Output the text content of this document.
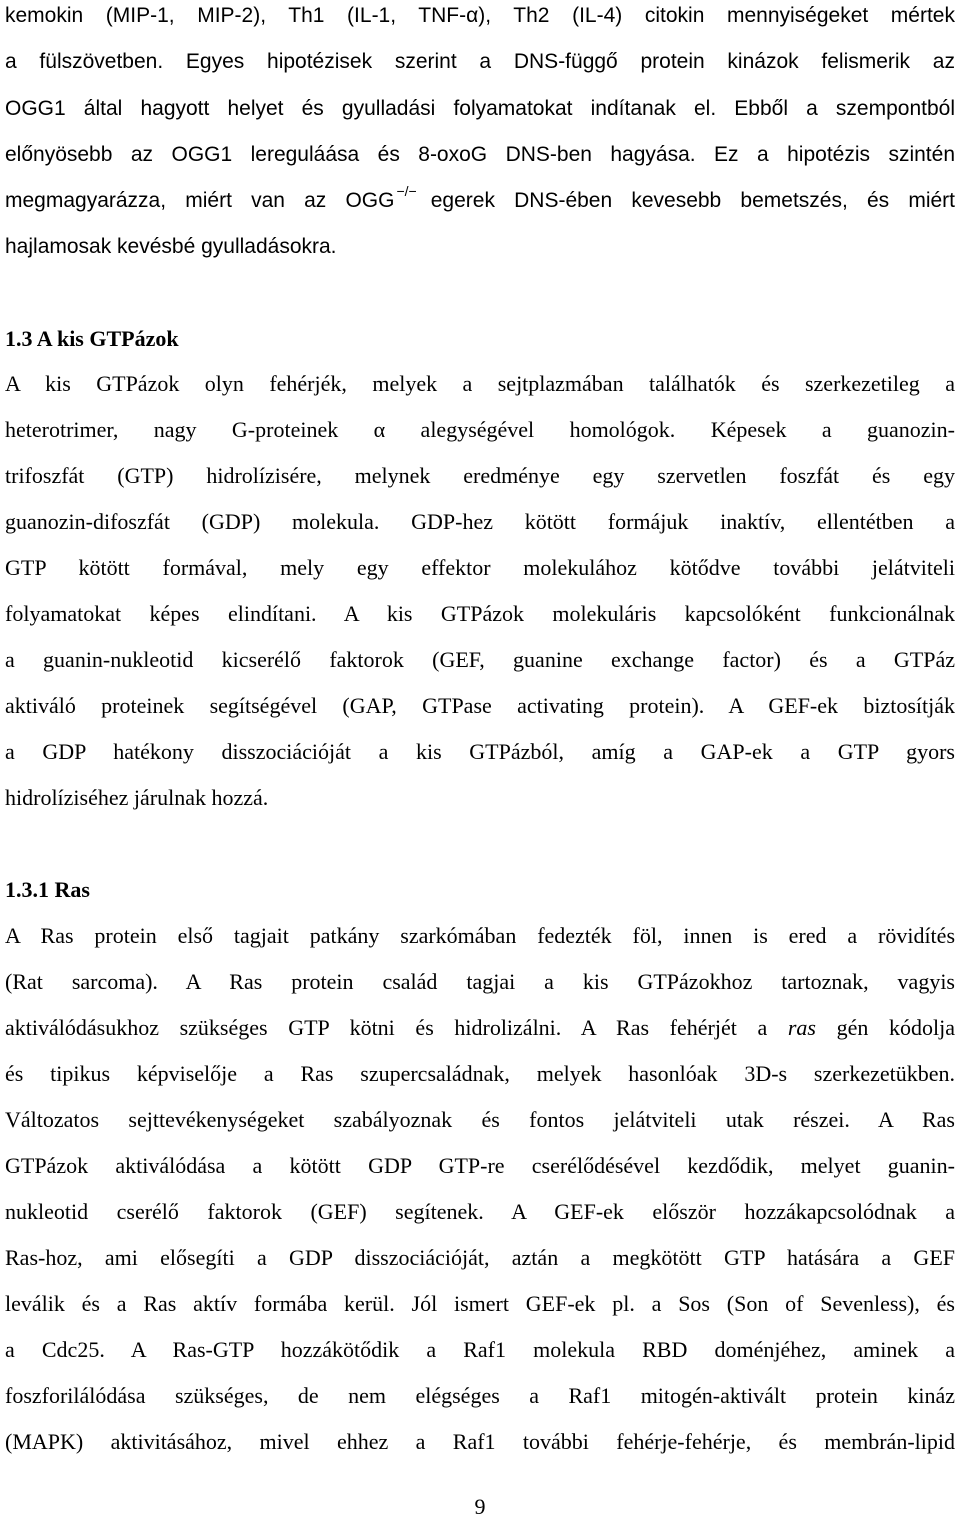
kemokin (MIP-1, MIP-2), Th1 (IL-1, TNF-α), Th2 (IL-4) citokin mennyiségeket mértek
a fülszövetben. Egyes hipotézisek szerint a DNS-függő protein kinázok felismerik az
OGG1 által hagyott helyet és gyulladási folyamatokat indítanak el. Ebből a szempontból
előnyösebb az OGG1 lereguláása és 8-oxoG DNS-ben hagyása. Ez a hipotézis szintén
megmagyarázza, miért van az OGG −/− egerek DNS-ében kevesebb bemetszés, és miért
hajlamosak kevésbé gyulladásokra.
1.3 A kis GTPázok
A kis GTPázok olyn fehérjék, melyek a sejtplazmában találhatók és szerkezetileg a
heterotrimer, nagy G-proteinek α alegységével homológok. Képesek a guanozin-
trifoszfát (GTP) hidrolízisére, melynek eredménye egy szervetlen foszfát és egy
guanozin-difoszfát (GDP) molekula. GDP-hez kötött formájuk inaktív, ellentétben a
GTP kötött formával, mely egy effektor molekulához kötődve további jelátviteli
folyamatokat képes elindítani. A kis GTPázok molekuláris kapcsolóként funkcionálnak
a guanin-nukleotid kicserélő faktorok (GEF, guanine exchange factor) és a GTPáz
aktiváló proteinek segítségével (GAP, GTPase activating protein). A GEF-ek biztosítják
a GDP hatékony disszociációját a kis GTPázból, amíg a GAP-ek a GTP gyors
hidrolíziséhez járulnak hozzá.
1.3.1 Ras
A Ras protein első tagjait patkány szarkómában fedezték föl, innen is ered a rövidítés
(Rat sarcoma). A Ras protein család tagjai a kis GTPázokhoz tartoznak, vagyis
aktiválódásukhoz szükséges GTP kötni és hidrolizálni. A Ras fehérjét a ras gén kódolja
és tipikus képviselője a Ras szupercsaládnak, melyek hasonlóak 3D-s szerkezetükben.
Változatos sejttevékenységeket szabályoznak és fontos jelátviteli utak részei. A Ras
GTPázok aktiválódása a kötött GDP GTP-re cserélődésével kezdődik, melyet guanin-
nukleotid cserélő faktorok (GEF) segítenek. A GEF-ek először hozzákapcsolódnak a
Ras-hoz, ami elősegíti a GDP disszociációját, aztán a megkötött GTP hatására a GEF
leválik és a Ras aktív formába kerül. Jól ismert GEF-ek pl. a Sos (Son of Sevenless), és
a Cdc25. A Ras-GTP hozzákötődik a Raf1 molekula RBD doménjéhez, aminek a
foszforilálódása szükséges, de nem elégséges a Raf1 mitogén-aktivált protein kináz
(MAPK) aktivitásához, mivel ehhez a Raf1 további fehérje-fehérje, és membrán-lipid
9
